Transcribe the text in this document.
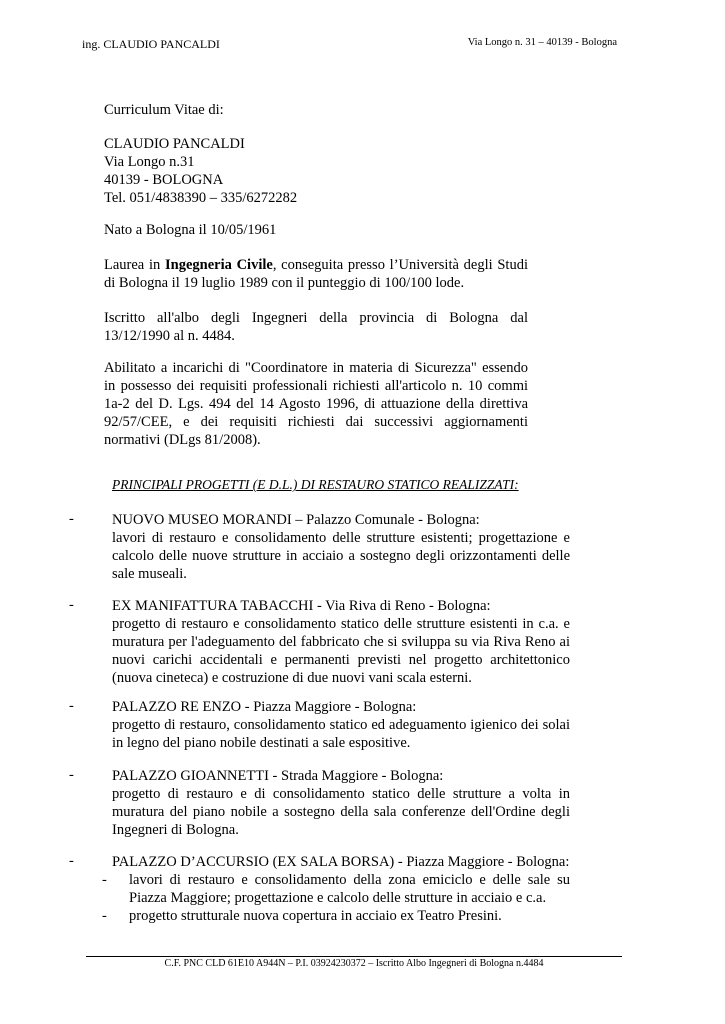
ing. CLAUDIO PANCALDI	Via Longo n. 31 – 40139 - Bologna
Curriculum Vitae di:
CLAUDIO PANCALDI
Via Longo n.31
40139 - BOLOGNA
Tel. 051/4838390 – 335/6272282
Nato a Bologna il 10/05/1961
Laurea in Ingegneria Civile, conseguita presso l’Università degli Studi di Bologna il 19 luglio 1989 con il punteggio di 100/100 lode.
Iscritto all'albo degli Ingegneri della provincia di Bologna dal 13/12/1990 al n. 4484.
Abilitato a incarichi di "Coordinatore in materia di Sicurezza" essendo in possesso dei requisiti professionali richiesti all'articolo n. 10 commi 1a-2 del D. Lgs. 494 del 14 Agosto 1996, di attuazione della direttiva 92/57/CEE, e dei requisiti richiesti dai successivi aggiornamenti normativi (DLgs 81/2008).
PRINCIPALI PROGETTI (E D.L.) DI RESTAURO STATICO REALIZZATI:
-	NUOVO MUSEO MORANDI – Palazzo Comunale - Bologna:
lavori di restauro e consolidamento delle strutture esistenti; progettazione e calcolo delle nuove strutture in acciaio a sostegno degli orizzontamenti delle sale museali.
-	EX MANIFATTURA TABACCHI - Via Riva di Reno - Bologna:
progetto di restauro e consolidamento statico delle strutture esistenti in c.a. e muratura per l'adeguamento del fabbricato che si sviluppa su via Riva Reno ai nuovi carichi accidentali e permanenti previsti nel progetto architettonico (nuova cineteca) e costruzione di due nuovi vani scala esterni.
-	PALAZZO RE ENZO - Piazza Maggiore - Bologna:
progetto di restauro, consolidamento statico ed adeguamento igienico dei solai in legno del piano nobile destinati a sale espositive.
-	PALAZZO GIOANNETTI - Strada Maggiore - Bologna:
progetto di restauro e di consolidamento statico delle strutture a volta in muratura del piano nobile a sostegno della sala conferenze dell'Ordine degli Ingegneri di Bologna.
-	PALAZZO D’ACCURSIO (EX SALA BORSA) - Piazza Maggiore - Bologna:
- lavori di restauro e consolidamento della zona emiciclo e delle sale su Piazza Maggiore; progettazione e calcolo delle strutture in acciaio e c.a.
- progetto strutturale nuova copertura in acciaio ex Teatro Presini.
C.F. PNC CLD 61E10 A944N – P.I. 03924230372 – Iscritto Albo Ingegneri di Bologna n.4484
